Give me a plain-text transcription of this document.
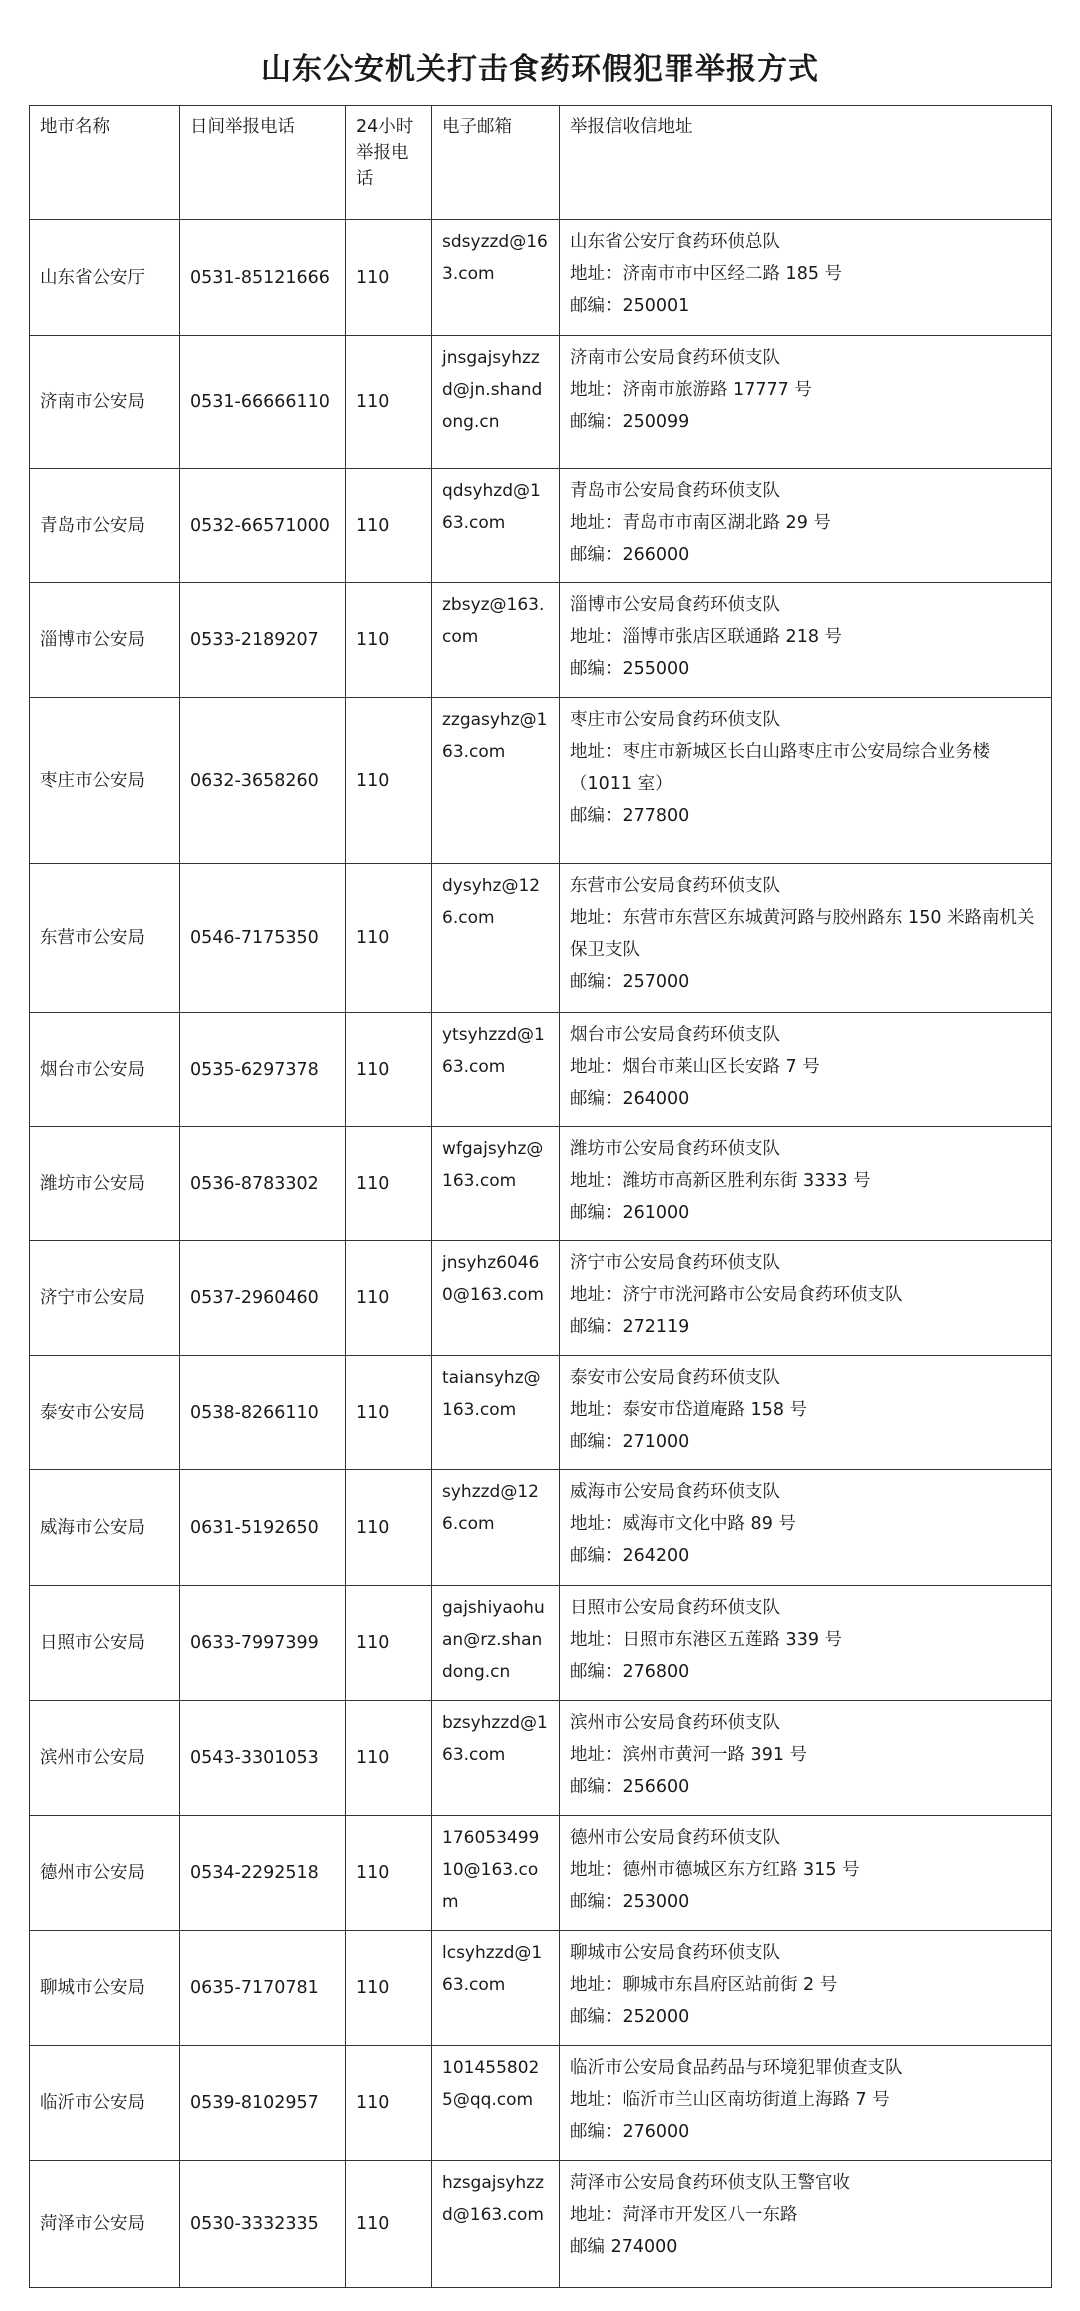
山东公安机关打击食药环假犯罪举报方式
地市名称	日间举报电话	24小时举报电话	电子邮箱	举报信收信地址
山东省公安厅	0531-85121666	110	sdsyzzd@163.com	山东省公安厅食药环侦总队
地址：济南市市中区经二路 185 号
邮编：250001

济南市公安局	0531-66666110	110	jnsgajsyhzzd@jn.shandong.cn	济南市公安局食药环侦支队
地址：济南市旅游路 17777 号
邮编：250099

青岛市公安局	0532-66571000	110	qdsyhzd@163.com	青岛市公安局食药环侦支队
地址：青岛市市南区湖北路 29 号
邮编：266000

淄博市公安局	0533-2189207	110	zbsyz@163.com	淄博市公安局食药环侦支队
地址：淄博市张店区联通路 218 号
邮编：255000

枣庄市公安局	0632-3658260	110	zzgasyhz@163.com	枣庄市公安局食药环侦支队
地址：枣庄市新城区长白山路枣庄市公安局综合业务楼（1011 室）
邮编：277800

东营市公安局	0546-7175350	110	dysyhz@126.com	东营市公安局食药环侦支队
地址：东营市东营区东城黄河路与胶州路东 150 米路南机关保卫支队
邮编：257000

烟台市公安局	0535-6297378	110	ytsyhzzd@163.com	烟台市公安局食药环侦支队
地址：烟台市莱山区长安路 7 号
邮编：264000

潍坊市公安局	0536-8783302	110	wfgajsyhz@163.com	潍坊市公安局食药环侦支队
地址：潍坊市高新区胜利东街 3333 号
邮编：261000

济宁市公安局	0537-2960460	110	jnsyhz60460@163.com	济宁市公安局食药环侦支队
地址：济宁市洸河路市公安局食药环侦支队
邮编：272119

泰安市公安局	0538-8266110	110	taiansyhz@163.com	泰安市公安局食药环侦支队
地址：泰安市岱道庵路 158 号
邮编：271000

威海市公安局	0631-5192650	110	syhzzd@126.com	威海市公安局食药环侦支队
地址：威海市文化中路 89 号
邮编：264200

日照市公安局	0633-7997399	110	gajshiyaohuan@rz.shandong.cn	日照市公安局食药环侦支队
地址：日照市东港区五莲路 339 号
邮编：276800

滨州市公安局	0543-3301053	110	bzsyhzzd@163.com	滨州市公安局食药环侦支队
地址：滨州市黄河一路 391 号
邮编：256600

德州市公安局	0534-2292518	110	17605349910@163.com	德州市公安局食药环侦支队
地址：德州市德城区东方红路 315 号
邮编：253000

聊城市公安局	0635-7170781	110	lcsyhzzd@163.com	聊城市公安局食药环侦支队
地址：聊城市东昌府区站前街 2 号
邮编：252000

临沂市公安局	0539-8102957	110	1014558025@qq.com	临沂市公安局食品药品与环境犯罪侦查支队
地址：临沂市兰山区南坊街道上海路 7 号
邮编：276000

菏泽市公安局	0530-3332335	110	hzsgajsyhzzd@163.com	菏泽市公安局食药环侦支队王警官收
地址：菏泽市开发区八一东路
邮编 274000
